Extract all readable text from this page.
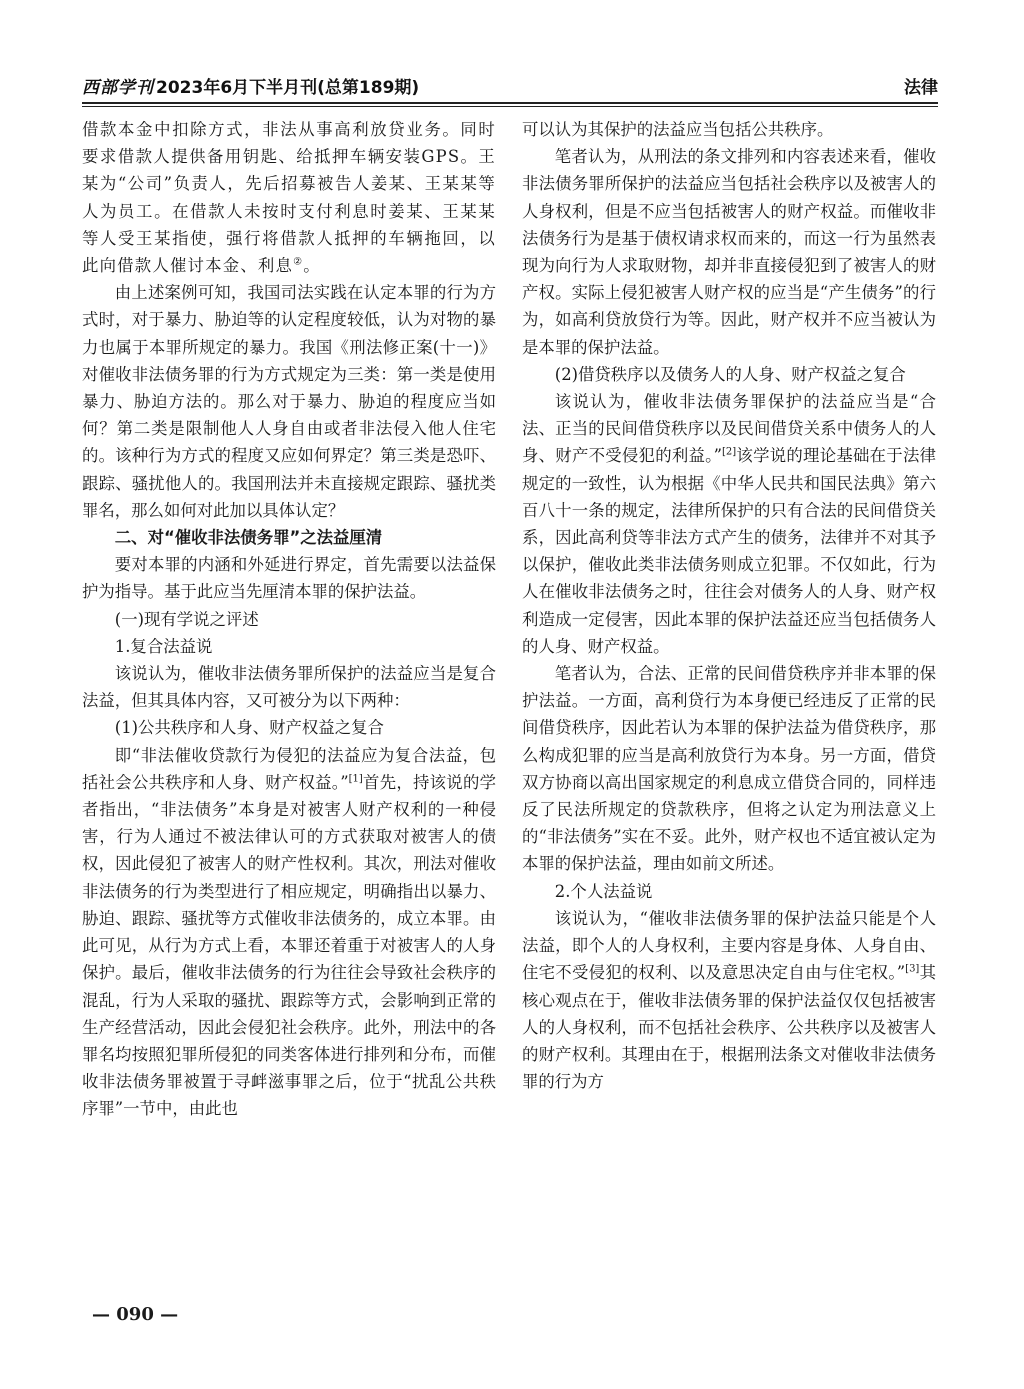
西部学刊 2023年6月下半月刊(总第189期)	法律

借款本金中扣除方式，非法从事高利放贷业务。同时要求借款人提供备用钥匙、给抵押车辆安装GPS。王某为“公司”负责人，先后招募被告人姜某、王某某等人为员工。在借款人未按时支付利息时姜某、王某某等人受王某指使，强行将借款人抵押的车辆拖回，以此向借款人催讨本金、利息②。

由上述案例可知，我国司法实践在认定本罪的行为方式时，对于暴力、胁迫等的认定程度较低，认为对物的暴力也属于本罪所规定的暴力。我国《刑法修正案(十一)》对催收非法债务罪的行为方式规定为三类：第一类是使用暴力、胁迫方法的。那么对于暴力、胁迫的程度应当如何？第二类是限制他人人身自由或者非法侵入他人住宅的。该种行为方式的程度又应如何界定？第三类是恐吓、跟踪、骚扰他人的。我国刑法并未直接规定跟踪、骚扰类罪名，那么如何对此加以具体认定？

二、对“催收非法债务罪”之法益厘清

要对本罪的内涵和外延进行界定，首先需要以法益保护为指导。基于此应当先厘清本罪的保护法益。

(一)现有学说之评述

1.复合法益说

该说认为，催收非法债务罪所保护的法益应当是复合法益，但其具体内容，又可被分为以下两种：

(1)公共秩序和人身、财产权益之复合

即“非法催收贷款行为侵犯的法益应为复合法益，包括社会公共秩序和人身、财产权益。”[1]首先，持该说的学者指出，“非法债务”本身是对被害人财产权利的一种侵害，行为人通过不被法律认可的方式获取对被害人的债权，因此侵犯了被害人的财产性权利。其次，刑法对催收非法债务的行为类型进行了相应规定，明确指出以暴力、胁迫、跟踪、骚扰等方式催收非法债务的，成立本罪。由此可见，从行为方式上看，本罪还着重于对被害人的人身保护。最后，催收非法债务的行为往往会导致社会秩序的混乱，行为人采取的骚扰、跟踪等方式，会影响到正常的生产经营活动，因此会侵犯社会秩序。此外，刑法中的各罪名均按照犯罪所侵犯的同类客体进行排列和分布，而催收非法债务罪被置于寻衅滋事罪之后，位于“扰乱公共秩序罪”一节中，由此也

可以认为其保护的法益应当包括公共秩序。

笔者认为，从刑法的条文排列和内容表述来看，催收非法债务罪所保护的法益应当包括社会秩序以及被害人的人身权利，但是不应当包括被害人的财产权益。而催收非法债务行为是基于债权请求权而来的，而这一行为虽然表现为向行为人求取财物，却并非直接侵犯到了被害人的财产权。实际上侵犯被害人财产权的应当是“产生债务”的行为，如高利贷放贷行为等。因此，财产权并不应当被认为是本罪的保护法益。

(2)借贷秩序以及债务人的人身、财产权益之复合

该说认为，催收非法债务罪保护的法益应当是“合法、正当的民间借贷秩序以及民间借贷关系中债务人的人身、财产不受侵犯的利益。”[2]该学说的理论基础在于法律规定的一致性，认为根据《中华人民共和国民法典》第六百八十一条的规定，法律所保护的只有合法的民间借贷关系，因此高利贷等非法方式产生的债务，法律并不对其予以保护，催收此类非法债务则成立犯罪。不仅如此，行为人在催收非法债务之时，往往会对债务人的人身、财产权利造成一定侵害，因此本罪的保护法益还应当包括债务人的人身、财产权益。

笔者认为，合法、正常的民间借贷秩序并非本罪的保护法益。一方面，高利贷行为本身便已经违反了正常的民间借贷秩序，因此若认为本罪的保护法益为借贷秩序，那么构成犯罪的应当是高利放贷行为本身。另一方面，借贷双方协商以高出国家规定的利息成立借贷合同的，同样违反了民法所规定的贷款秩序，但将之认定为刑法意义上的“非法债务”实在不妥。此外，财产权也不适宜被认定为本罪的保护法益，理由如前文所述。

2.个人法益说

该说认为，“催收非法债务罪的保护法益只能是个人法益，即个人的人身权利，主要内容是身体、人身自由、住宅不受侵犯的权利、以及意思决定自由与住宅权。”[3]其核心观点在于，催收非法债务罪的保护法益仅仅包括被害人的人身权利，而不包括社会秩序、公共秩序以及被害人的财产权利。其理由在于，根据刑法条文对催收非法债务罪的行为方

— 090 —
